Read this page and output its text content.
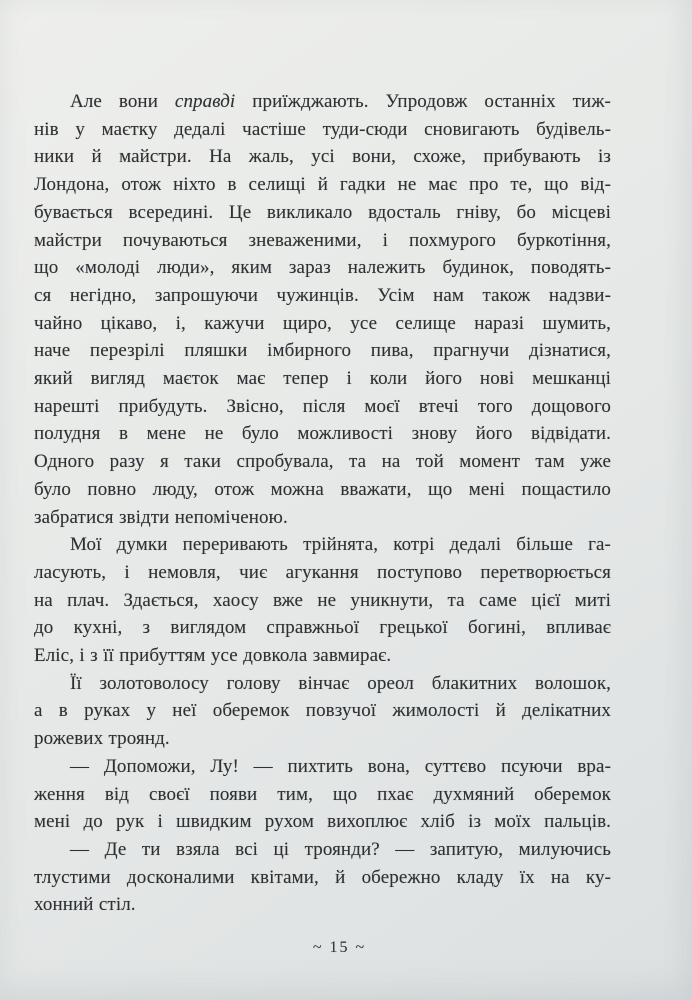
Але вони справді приїжджають. Упродовж останніх тиж-
нів у маєтку дедалі частіше туди-сюди сновигають будівель-
ники й майстри. На жаль, усі вони, схоже, прибувають із
Лондона, отож ніхто в селищі й гадки не має про те, що від-
бувається всередині. Це викликало вдосталь гніву, бо місцеві
майстри почуваються зневаженими, і похмурого буркотіння,
що «молоді люди», яким зараз належить будинок, поводять-
ся негідно, запрошуючи чужинців. Усім нам також надзви-
чайно цікаво, і, кажучи щиро, усе селище наразі шумить,
наче перезрілі пляшки імбирного пива, прагнучи дізнатися,
який вигляд маєток має тепер і коли його нові мешканці
нарешті прибудуть. Звісно, після моєї втечі того дощового
полудня в мене не було можливості знову його відвідати.
Одного разу я таки спробувала, та на той момент там уже
було повно люду, отож можна вважати, що мені пощастило
забратися звідти непоміченою.
Мої думки переривають трійнята, котрі дедалі більше га-
ласують, і немовля, чиє агукання поступово перетворюється
на плач. Здається, хаосу вже не уникнути, та саме цієї миті
до кухні, з виглядом справжньої грецької богині, впливає
Еліс, і з її прибуттям усе довкола завмирає.
Її золотоволосу голову вінчає ореол блакитних волошок,
а в руках у неї оберемок повзучої жимолості й делікатних
рожевих троянд.
— Допоможи, Лу! — пихтить вона, суттєво псуючи вра-
ження від своєї появи тим, що пхає духмяний оберемок
мені до рук і швидким рухом вихоплює хліб із моїх пальців.
— Де ти взяла всі ці троянди? — запитую, милуючись
тлустими досконалими квітами, й обережно кладу їх на ку-
хонний стіл.
~ 15 ~
